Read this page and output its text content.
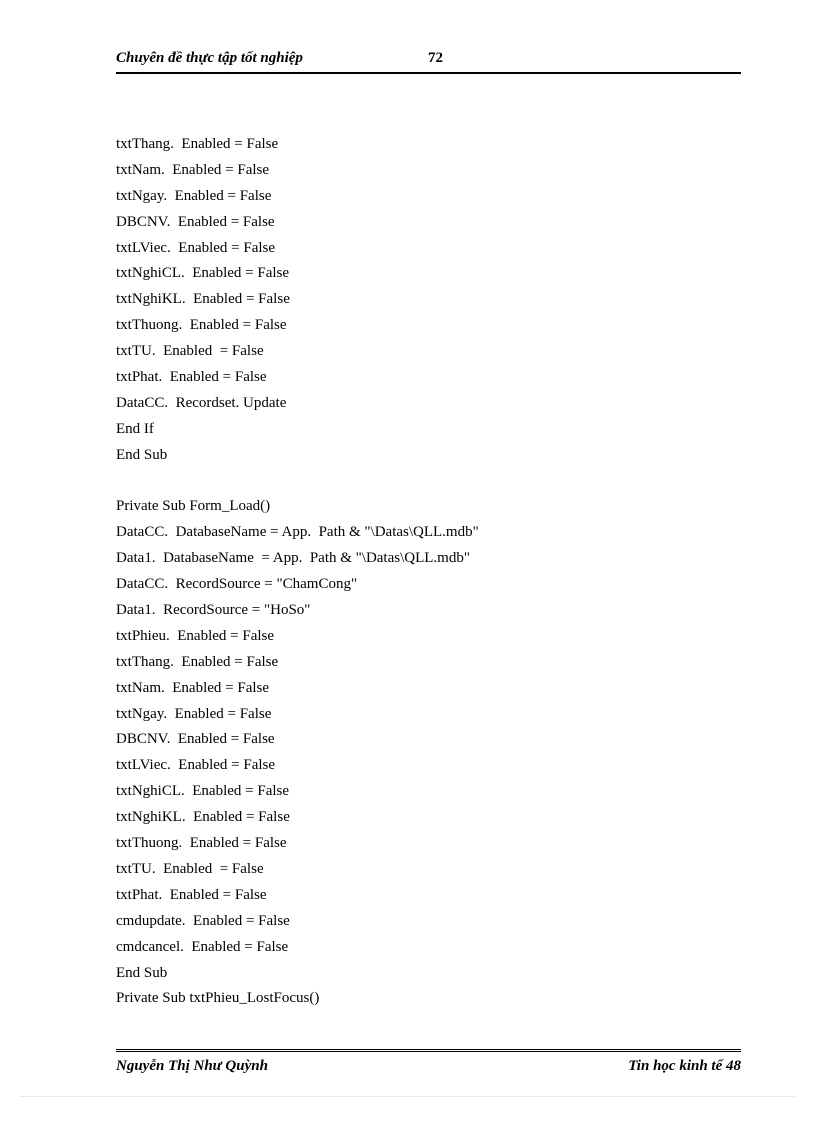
Chuyên đề thực tập tốt nghiệp	72
txtThang.  Enabled = False
txtNam.  Enabled = False
txtNgay.  Enabled = False
DBCNV.  Enabled = False
txtLViec.  Enabled = False
txtNghiCL.  Enabled = False
txtNghiKL.  Enabled = False
txtThuong.  Enabled = False
txtTU.  Enabled  = False
txtPhat.  Enabled = False
DataCC.  Recordset. Update
End If
End Sub
Private Sub Form_Load()
DataCC.  DatabaseName = App.  Path & "\Datas\QLL.mdb"
Data1.  DatabaseName  = App.  Path & "\Datas\QLL.mdb"
DataCC.  RecordSource = "ChamCong"
Data1.  RecordSource = "HoSo"
txtPhieu.  Enabled = False
txtThang.  Enabled = False
txtNam.  Enabled = False
txtNgay.  Enabled = False
DBCNV.  Enabled = False
txtLViec.  Enabled = False
txtNghiCL.  Enabled = False
txtNghiKL.  Enabled = False
txtThuong.  Enabled = False
txtTU.  Enabled  = False
txtPhat.  Enabled = False
cmdupdate.  Enabled = False
cmdcancel.  Enabled = False
End Sub
Private Sub txtPhieu_LostFocus()
Nguyễn Thị Như Quỳnh	Tin học kinh tế 48
